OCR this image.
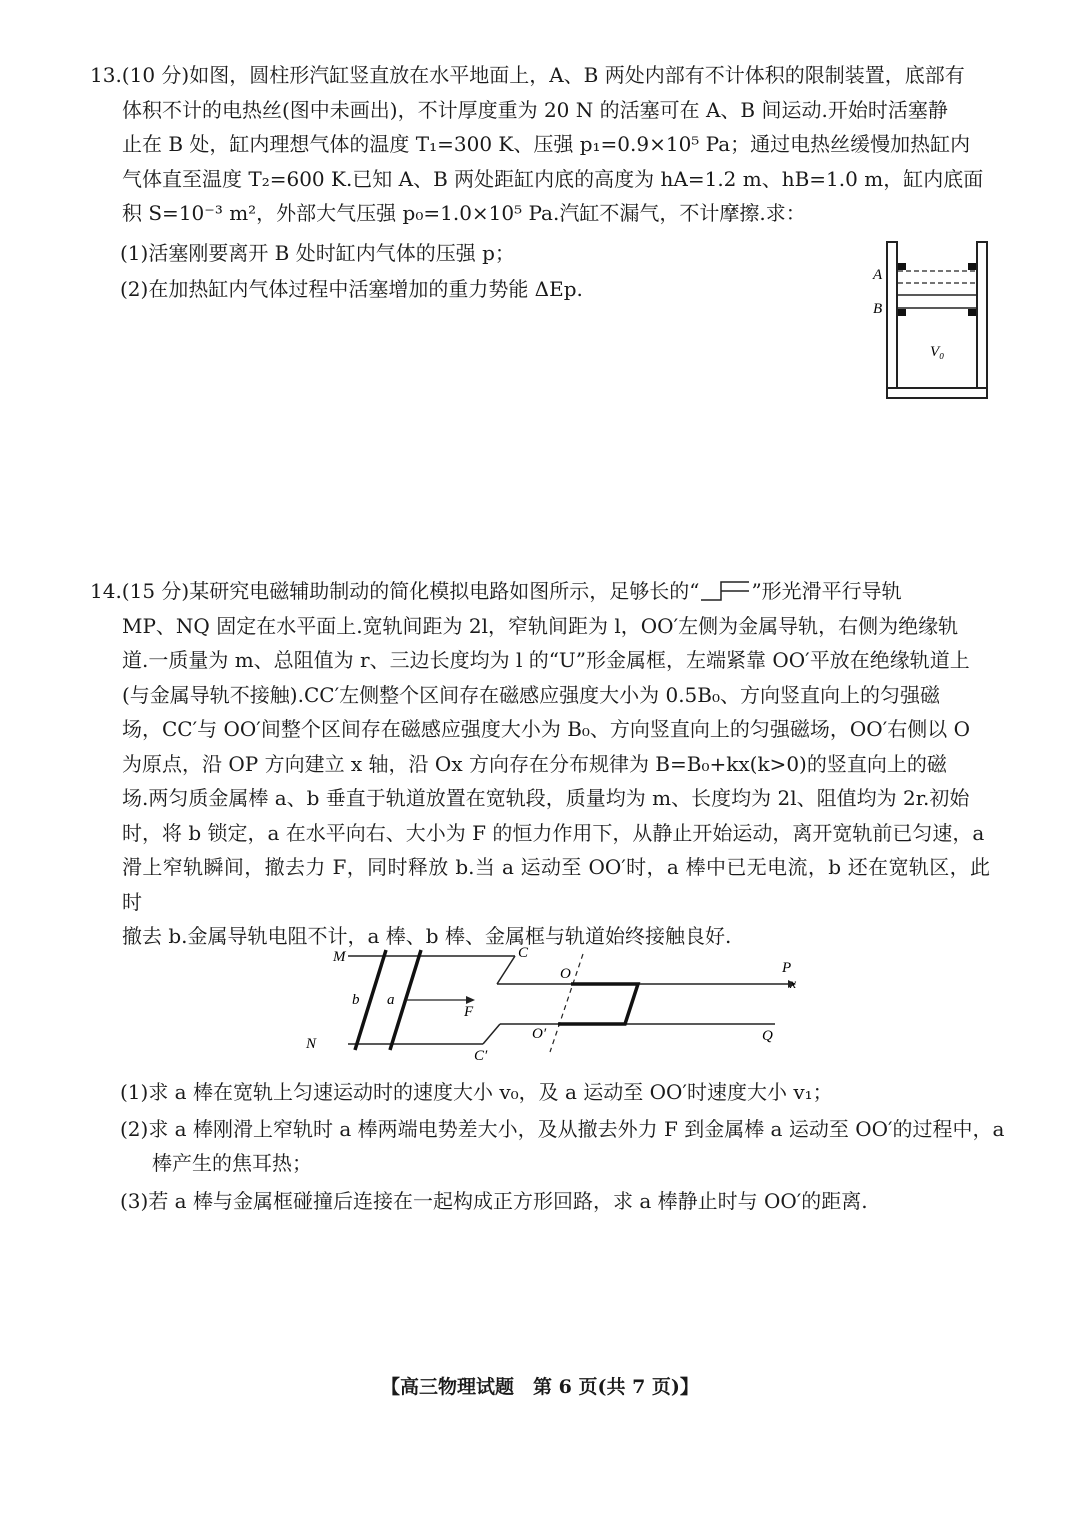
13.(10 分)如图，圆柱形汽缸竖直放在水平地面上，A、B 两处内部有不计体积的限制装置，底部有
体积不计的电热丝(图中未画出)，不计厚度重为 20 N 的活塞可在 A、B 间运动.开始时活塞静
止在 B 处，缸内理想气体的温度 T₁=300 K、压强 p₁=0.9×10⁵ Pa；通过电热丝缓慢加热缸内
气体直至温度 T₂=600 K.已知 A、B 两处距缸内底的高度为 hA=1.2 m、hB=1.0 m，缸内底面
积 S=10⁻³ m²，外部大气压强 p₀=1.0×10⁵ Pa.汽缸不漏气，不计摩擦.求：

(1)活塞刚要离开 B 处时缸内气体的压强 p；

(2)在加热缸内气体过程中活塞增加的重力势能 ΔEp.

A
B
V₀
14.(15 分)某研究电磁辅助制动的简化模拟电路如图所示，足够长的“	”形光滑平行导轨
MP、NQ 固定在水平面上.宽轨间距为 2l，窄轨间距为 l，OO′左侧为金属导轨，右侧为绝缘轨
道.一质量为 m、总阻值为 r、三边长度均为 l 的“U”形金属框，左端紧靠 OO′平放在绝缘轨道上
(与金属导轨不接触).CC′左侧整个区间存在磁感应强度大小为 0.5B₀、方向竖直向上的匀强磁
场，CC′与 OO′间整个区间存在磁感应强度大小为 B₀、方向竖直向上的匀强磁场，OO′右侧以 O
为原点，沿 OP 方向建立 x 轴，沿 Ox 方向存在分布规律为 B=B₀+kx(k>0)的竖直向上的磁
场.两匀质金属棒 a、b 垂直于轨道放置在宽轨段，质量均为 m、长度均为 2l、阻值均为 2r.初始
时，将 b 锁定，a 在水平向右、大小为 F 的恒力作用下，从静止开始运动，离开宽轨前已匀速，a
滑上窄轨瞬间，撤去力 F，同时释放 b.当 a 运动至 OO′时，a 棒中已无电流，b 还在宽轨区，此时
撤去 b.金属导轨电阻不计，a 棒、b 棒、金属框与轨道始终接触良好.
M
N
C
C′
O
O′
P
x
Q
b a
F

(1)求 a 棒在宽轨上匀速运动时的速度大小 v₀，及 a 运动至 OO′时速度大小 v₁；

(2)求 a 棒刚滑上窄轨时 a 棒两端电势差大小，及从撤去外力 F 到金属棒 a 运动至 OO′的过程中，a 棒产生的焦耳热；

(3)若 a 棒与金属框碰撞后连接在一起构成正方形回路，求 a 棒静止时与 OO′的距离.

【高三物理试题　第 6 页(共 7 页)】
